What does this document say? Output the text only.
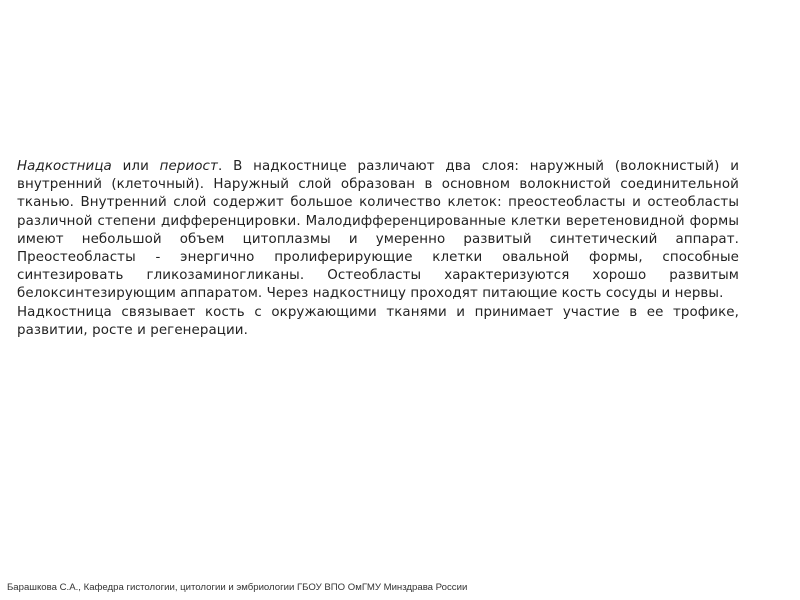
Надкостница или периост. В надкостнице различают два слоя: наружный (волокнистый) и внутренний (клеточный). Наружный слой образован в основном волокнистой соединительной тканью. Внутренний слой содержит большое количество клеток: преостеобласты и остеобласты различной степени дифференцировки. Малодифференцированные клетки веретеновидной формы имеют небольшой объем цитоплазмы и умеренно развитый синтетический аппарат. Преостеобласты - энергично пролиферирующие клетки овальной формы, способные синтезировать гликозаминогликаны. Остеобласты характеризуются хорошо развитым белоксинтезирующим аппаратом. Через надкостницу проходят питающие кость сосуды и нервы.

Надкостница связывает кость с окружающими тканями и принимает участие в ее трофике, развитии, росте и регенерации.

Барашкова С.А., Кафедра гистологии, цитологии и эмбриологии ГБОУ ВПО ОмГМУ Минздрава России
